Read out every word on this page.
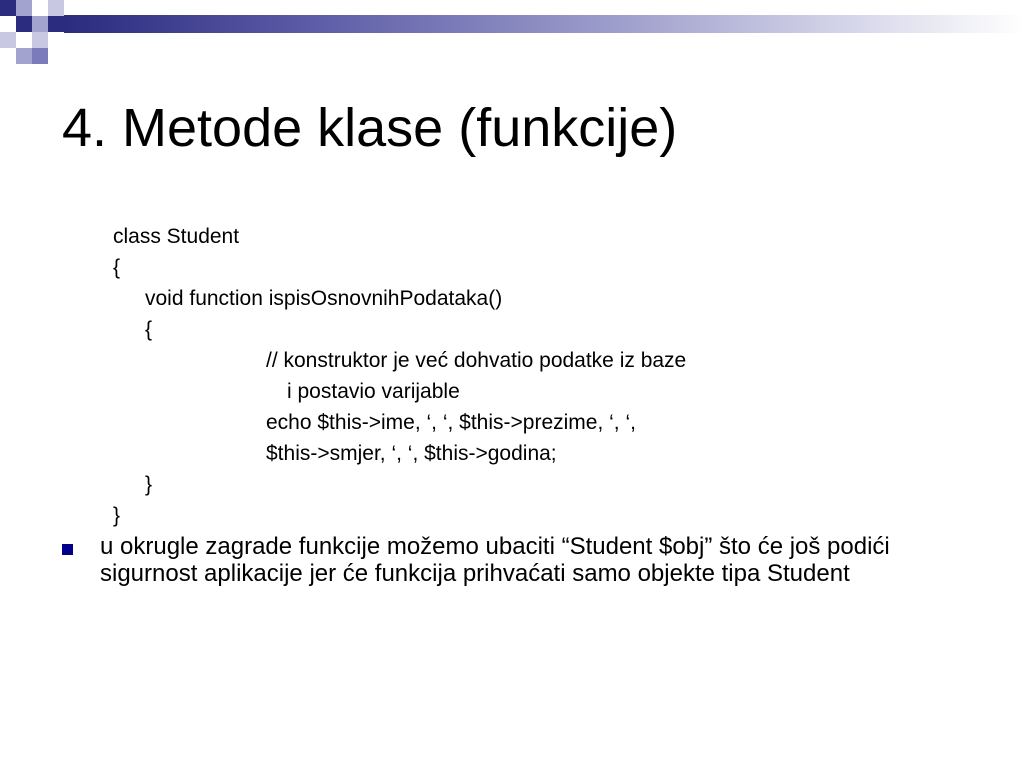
4. Metode klase (funkcije)
class Student
{
void function ispisOsnovnihPodataka()
{
// konstruktor je već dohvatio podatke iz baze
i postavio varijable
echo $this->ime, ‘, ‘, $this->prezime, ‘, ‘,
$this->smjer, ‘, ‘, $this->godina;
}
}
u okrugle zagrade funkcije možemo ubaciti “Student $obj” što će još podići sigurnost aplikacije jer će funkcija prihvaćati samo objekte tipa Student
